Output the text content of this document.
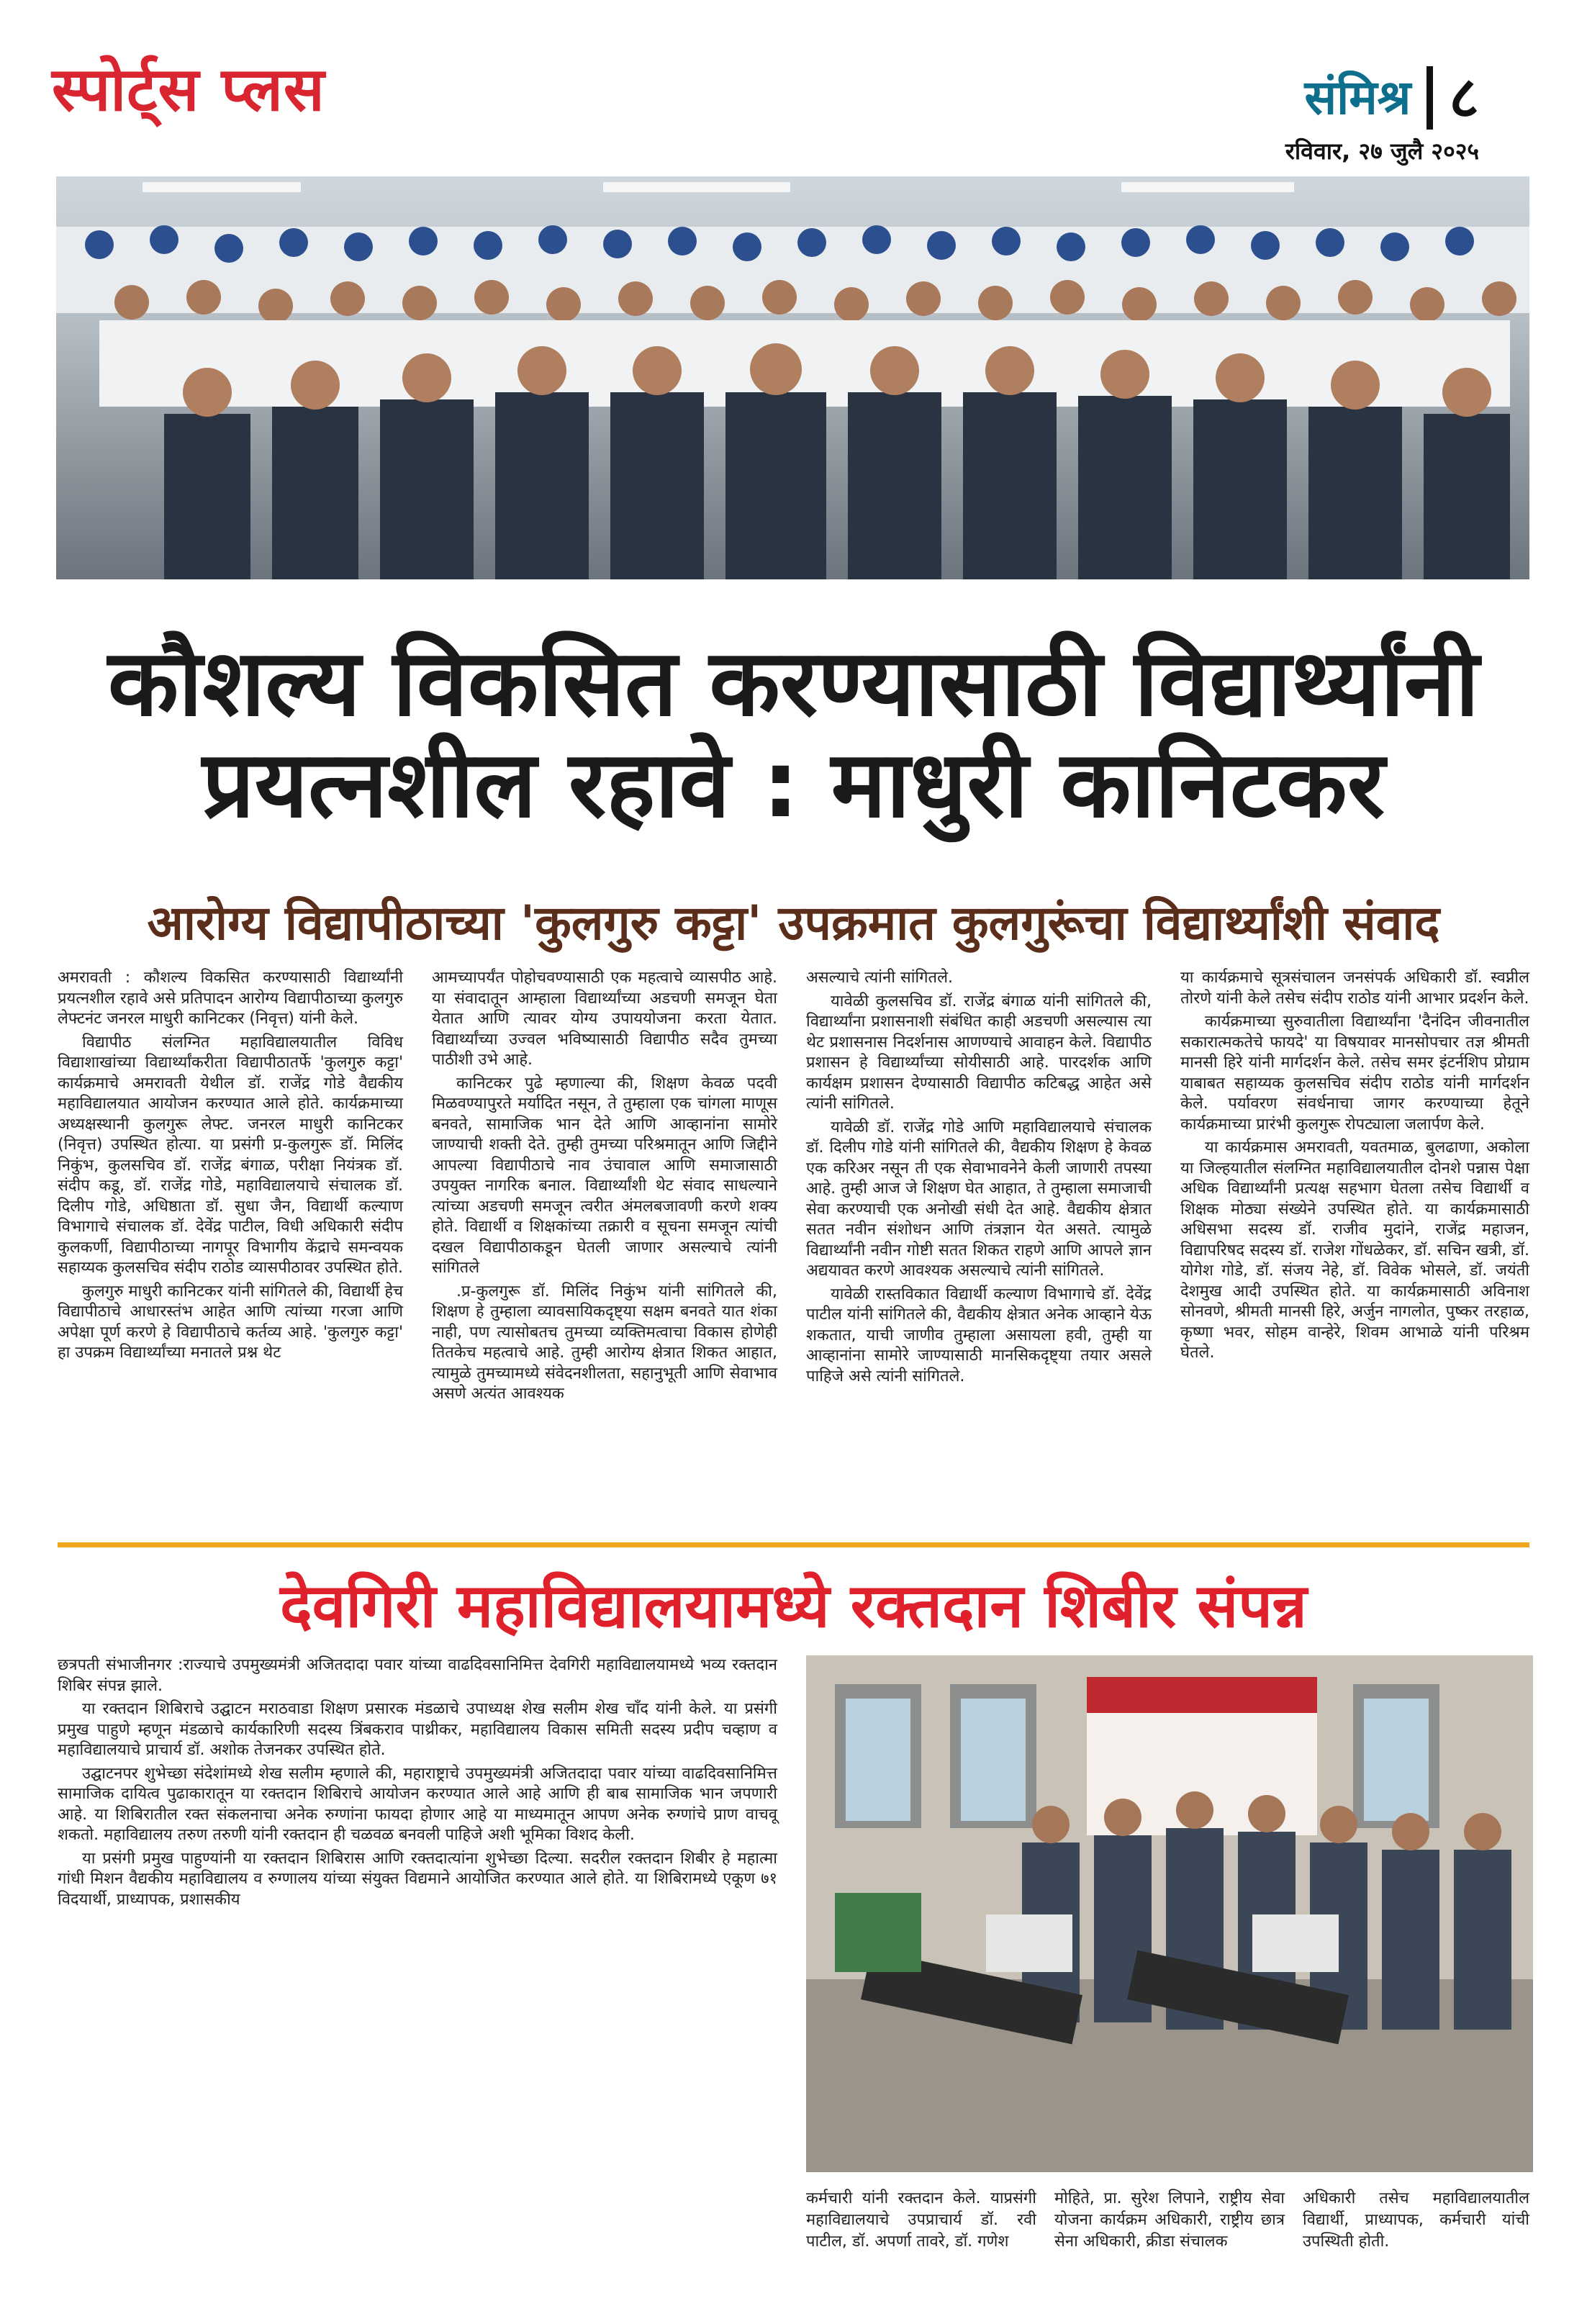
स्पोर्ट्स प्लस	संमिश्र ८
रविवार, २७ जुलै २०२५
कौशल्य विकसित करण्यासाठी विद्यार्थ्यांनी
प्रयत्नशील रहावे : माधुरी कानिटकर
आरोग्य विद्यापीठाच्या 'कुलगुरु कट्टा' उपक्रमात कुलगुरूंचा विद्यार्थ्यांशी संवाद

अमरावती : कौशल्य विकसित करण्यासाठी विद्यार्थ्यांनी प्रयत्नशील रहावे असे प्रतिपादन आरोग्य विद्यापीठाच्या कुलगुरु लेफ्टनंट जनरल माधुरी कानिटकर (निवृत्त) यांनी केले.

विद्यापीठ संलग्नित महाविद्यालयातील विविध विद्याशाखांच्या विद्यार्थ्यांकरीता विद्यापीठातर्फे 'कुलगुरु कट्टा' कार्यक्रमाचे अमरावती येथील डॉ. राजेंद्र गोडे वैद्यकीय महाविद्यालयात आयोजन करण्यात आले होते. कार्यक्रमाच्या अध्यक्षस्थानी कुलगुरू लेफ्ट. जनरल माधुरी कानिटकर (निवृत्त) उपस्थित होत्या. या प्रसंगी प्र-कुलगुरू डॉ. मिलिंद निकुंभ, कुलसचिव डॉ. राजेंद्र बंगाळ, परीक्षा नियंत्रक डॉ. संदीप कडू, डॉ. राजेंद्र गोडे, महाविद्यालयाचे संचालक डॉ. दिलीप गोडे, अधिष्ठाता डॉ. सुधा जैन, विद्यार्थी कल्याण विभागाचे संचालक डॉ. देवेंद्र पाटील, विधी अधिकारी संदीप कुलकर्णी, विद्यापीठाच्या नागपूर विभागीय केंद्राचे समन्वयक सहाय्यक कुलसचिव संदीप राठोड व्यासपीठावर उपस्थित होते.

कुलगुरु माधुरी कानिटकर यांनी सांगितले की, विद्यार्थी हेच विद्यापीठाचे आधारस्तंभ आहेत आणि त्यांच्या गरजा आणि अपेक्षा पूर्ण करणे हे विद्यापीठाचे कर्तव्य आहे. 'कुलगुरु कट्टा' हा उपक्रम विद्यार्थ्यांच्या मनातले प्रश्न थेट

आमच्यापर्यंत पोहोचवण्यासाठी एक महत्वाचे व्यासपीठ आहे. या संवादातून आम्हाला विद्यार्थ्यांच्या अडचणी समजून घेता येतात आणि त्यावर योग्य उपाययोजना करता येतात. विद्यार्थ्यांच्या उज्वल भविष्यासाठी विद्यापीठ सदैव तुमच्या पाठीशी उभे आहे.

कानिटकर पुढे म्हणाल्या की, शिक्षण केवळ पदवी मिळवण्यापुरते मर्यादित नसून, ते तुम्हाला एक चांगला माणूस बनवते, सामाजिक भान देते आणि आव्हानांना सामोरे जाण्याची शक्ती देते. तुम्ही तुमच्या परिश्रमातून आणि जिद्दीने आपल्या विद्यापीठाचे नाव उंचावाल आणि समाजासाठी उपयुक्त नागरिक बनाल. विद्यार्थ्यांशी थेट संवाद साधल्याने त्यांच्या अडचणी समजून त्वरीत अंमलबजावणी करणे शक्य होते. विद्यार्थी व शिक्षकांच्या तक्रारी व सूचना समजून त्यांची दखल विद्यापीठाकडून घेतली जाणार असल्याचे त्यांनी सांगितले

.प्र-कुलगुरू डॉ. मिलिंद निकुंभ यांनी सांगितले की, शिक्षण हे तुम्हाला व्यावसायिकदृष्ट्या सक्षम बनवते यात शंका नाही, पण त्यासोबतच तुमच्या व्यक्तिमत्वाचा विकास होणेही तितकेच महत्वाचे आहे. तुम्ही आरोग्य क्षेत्रात शिकत आहात, त्यामुळे तुमच्यामध्ये संवेदनशीलता, सहानुभूती आणि सेवाभाव असणे अत्यंत आवश्यक

असल्याचे त्यांनी सांगितले.

यावेळी कुलसचिव डॉ. राजेंद्र बंगाळ यांनी सांगितले की, विद्यार्थ्यांना प्रशासनाशी संबंधित काही अडचणी असल्यास त्या थेट प्रशासनास निदर्शनास आणण्याचे आवाहन केले. विद्यापीठ प्रशासन हे विद्यार्थ्यांच्या सोयीसाठी आहे. पारदर्शक आणि कार्यक्षम प्रशासन देण्यासाठी विद्यापीठ कटिबद्ध आहेत असे त्यांनी सांगितले.

यावेळी डॉ. राजेंद्र गोडे आणि महाविद्यालयाचे संचालक डॉ. दिलीप गोडे यांनी सांगितले की, वैद्यकीय शिक्षण हे केवळ एक करिअर नसून ती एक सेवाभावनेने केली जाणारी तपस्या आहे. तुम्ही आज जे शिक्षण घेत आहात, ते तुम्हाला समाजाची सेवा करण्याची एक अनोखी संधी देत आहे. वैद्यकीय क्षेत्रात सतत नवीन संशोधन आणि तंत्रज्ञान येत असते. त्यामुळे विद्यार्थ्यांनी नवीन गोष्टी सतत शिकत राहणे आणि आपले ज्ञान अद्ययावत करणे आवश्यक असल्याचे त्यांनी सांगितले.

यावेळी रास्तविकात विद्यार्थी कल्याण विभागाचे डॉ. देवेंद्र पाटील यांनी सांगितले की, वैद्यकीय क्षेत्रात अनेक आव्हाने येऊ शकतात, याची जाणीव तुम्हाला असायला हवी, तुम्ही या आव्हानांना सामोरे जाण्यासाठी मानसिकदृष्ट्या तयार असले पाहिजे असे त्यांनी सांगितले.

या कार्यक्रमाचे सूत्रसंचालन जनसंपर्क अधिकारी डॉ. स्वप्नील तोरणे यांनी केले तसेच संदीप राठोड यांनी आभार प्रदर्शन केले.

कार्यक्रमाच्या सुरुवातीला विद्यार्थ्यांना 'दैनंदिन जीवनातील सकारात्मकतेचे फायदे' या विषयावर मानसोपचार तज्ञ श्रीमती मानसी हिरे यांनी मार्गदर्शन केले. तसेच समर इंटर्नशिप प्रोग्राम याबाबत सहाय्यक कुलसचिव संदीप राठोड यांनी मार्गदर्शन केले. पर्यावरण संवर्धनाचा जागर करण्याच्या हेतूने कार्यक्रमाच्या प्रारंभी कुलगुरू रोपट्याला जलार्पण केले.

या कार्यक्रमास अमरावती, यवतमाळ, बुलढाणा, अकोला या जिल्हयातील संलग्नित महाविद्यालयातील दोनशे पन्नास पेक्षा अधिक विद्यार्थ्यांनी प्रत्यक्ष सहभाग घेतला तसेच विद्यार्थी व शिक्षक मोठ्या संख्येने उपस्थित होते. या कार्यक्रमासाठी अधिसभा सदस्य डॉ. राजीव मुदांने, राजेंद्र महाजन, विद्यापरिषद सदस्य डॉ. राजेश गोंधळेकर, डॉ. सचिन खत्री, डॉ. योगेश गोडे, डॉ. संजय नेहे, डॉ. विवेक भोसले, डॉ. जयंती देशमुख आदी उपस्थित होते. या कार्यक्रमासाठी अविनाश सोनवणे, श्रीमती मानसी हिरे, अर्जुन नागलोत, पुष्कर तरहाळ, कृष्णा भवर, सोहम वान्हेरे, शिवम आभाळे यांनी परिश्रम घेतले.

देवगिरी महाविद्यालयामध्ये रक्तदान शिबीर संपन्न

छत्रपती संभाजीनगर :राज्याचे उपमुख्यमंत्री अजितदादा पवार यांच्या वाढदिवसानिमित्त देवगिरी महाविद्यालयामध्ये भव्य रक्तदान शिबिर संपन्न झाले.

या रक्तदान शिबिराचे उद्घाटन मराठवाडा शिक्षण प्रसारक मंडळाचे उपाध्यक्ष शेख सलीम शेख चाँद यांनी केले. या प्रसंगी प्रमुख पाहुणे म्हणून मंडळाचे कार्यकारिणी सदस्य त्रिंबकराव पाथ्रीकर, महाविद्यालय विकास समिती सदस्य प्रदीप चव्हाण व महाविद्यालयाचे प्राचार्य डॉ. अशोक तेजनकर उपस्थित होते.

उद्घाटनपर शुभेच्छा संदेशांमध्ये शेख सलीम म्हणाले की, महाराष्ट्राचे उपमुख्यमंत्री अजितदादा पवार यांच्या वाढदिवसानिमित्त सामाजिक दायित्व पुढाकारातून या रक्तदान शिबिराचे आयोजन करण्यात आले आहे आणि ही बाब सामाजिक भान जपणारी आहे. या शिबिरातील रक्त संकलनाचा अनेक रुग्णांना फायदा होणार आहे या माध्यमातून आपण अनेक रुग्णांचे प्राण वाचवू शकतो. महाविद्यालय तरुण तरुणी यांनी रक्तदान ही चळवळ बनवली पाहिजे अशी भूमिका विशद केली.

या प्रसंगी प्रमुख पाहुण्यांनी या रक्तदान शिबिरास आणि रक्तदात्यांना शुभेच्छा दिल्या. सदरील रक्तदान शिबीर हे महात्मा गांधी मिशन वैद्यकीय महाविद्यालय व रुग्णालय यांच्या संयुक्त विद्यमाने आयोजित करण्यात आले होते. या शिबिरामध्ये एकूण ७१ विदयार्थी, प्राध्यापक, प्रशासकीय

कर्मचारी यांनी रक्तदान केले. याप्रसंगी महाविद्यालयाचे उपप्राचार्य डॉ. रवी पाटील, डॉ. अपर्णा तावरे, डॉ. गणेश
मोहिते, प्रा. सुरेश लिपाने, राष्ट्रीय सेवा योजना कार्यक्रम अधिकारी, राष्ट्रीय छात्र सेना अधिकारी, क्रीडा संचालक
अधिकारी तसेच महाविद्यालयातील विद्यार्थी, प्राध्यापक, कर्मचारी यांची उपस्थिती होती.
